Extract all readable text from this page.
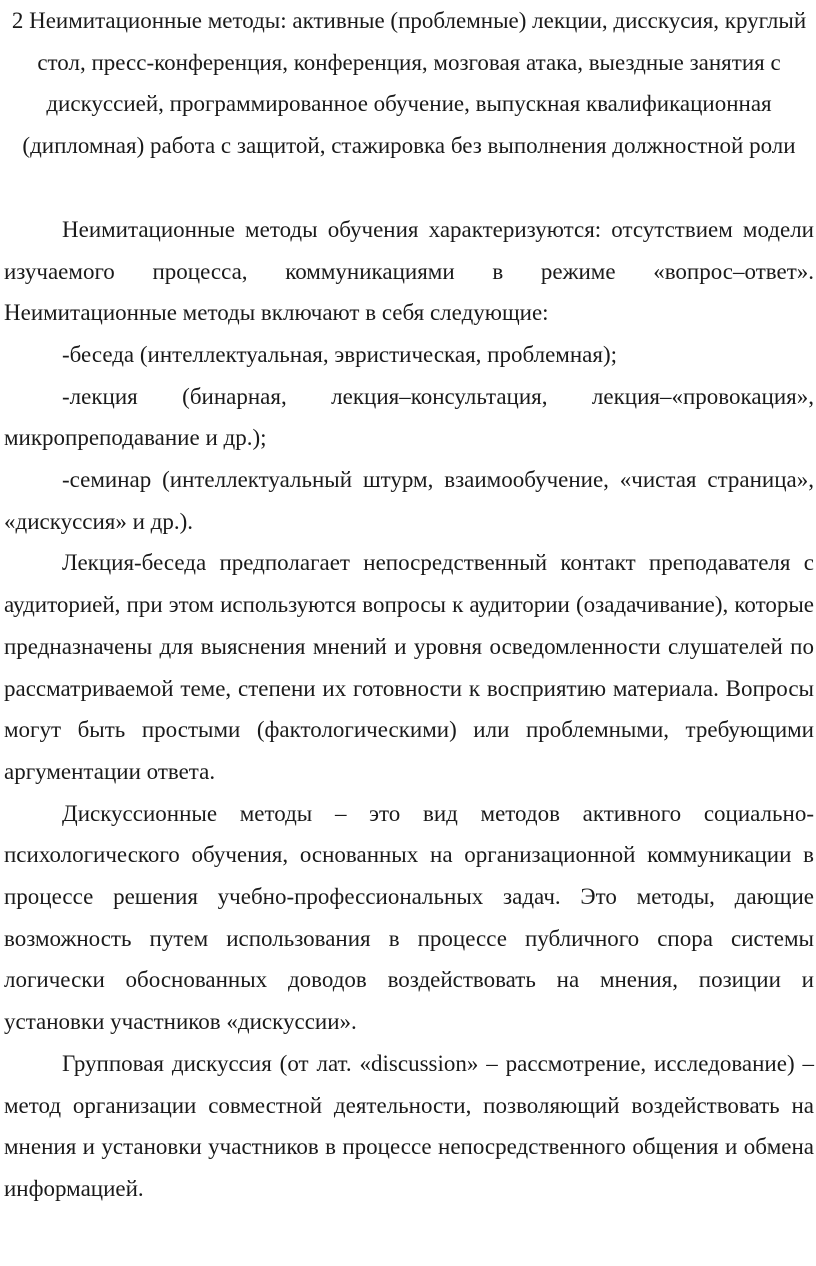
2 Неимитационные методы: активные (проблемные) лекции, дисскусия, круглый стол, пресс-конференция, конференция, мозговая атака, выездные занятия с дискуссией, программированное обучение, выпускная квалификационная (дипломная) работа с защитой, стажировка без выполнения должностной роли

Неимитационные методы обучения характеризуются: отсутствием модели изучаемого процесса, коммуникациями в режиме «вопрос–ответ». Неимитационные методы включают в себя следующие:

-беседа (интеллектуальная, эвристическая, проблемная);

-лекция (бинарная, лекция–консультация, лекция–«провокация», микропреподавание и др.);

-семинар (интеллектуальный штурм, взаимообучение, «чистая страница», «дискуссия» и др.).

Лекция-беседа предполагает непосредственный контакт преподавателя с аудиторией, при этом используются вопросы к аудитории (озадачивание), которые предназначены для выяснения мнений и уровня осведомленности слушателей по рассматриваемой теме, степени их готовности к восприятию материала. Вопросы могут быть простыми (фактологическими) или проблемными, требующими аргументации ответа.

Дискуссионные методы – это вид методов активного социально-психологического обучения, основанных на организационной коммуникации в процессе решения учебно-профессиональных задач. Это методы, дающие возможность путем использования в процессе публичного спора системы логически обоснованных доводов воздействовать на мнения, позиции и установки участников «дискуссии».

Групповая дискуссия (от лат. «discussion» – рассмотрение, исследование) – метод организации совместной деятельности, позволяющий воздействовать на мнения и установки участников в процессе непосредственного общения и обмена информацией.
